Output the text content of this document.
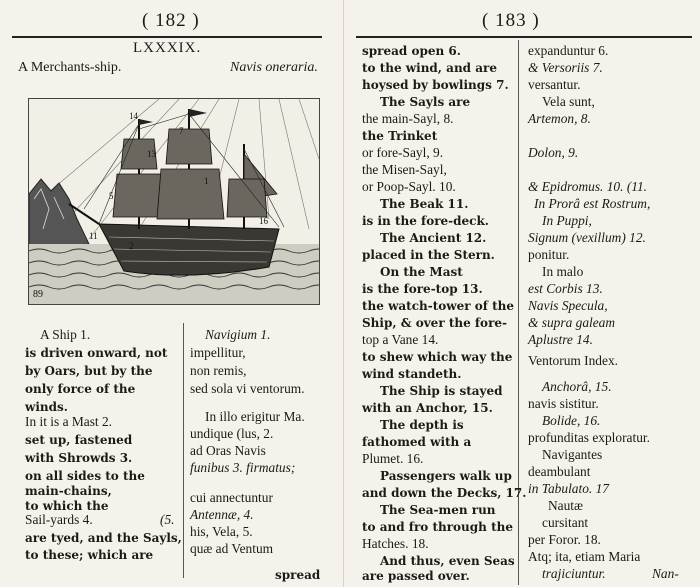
( 182 )
LXXXIX.
A Merchants-ship.	Navis oneraria.
14
7
13
5
1
11
16
2
89
A Ship 1.
is driven onward, not
by Oars, but by the
only force of the
winds.
In it is a Mast 2.
set up, fastened
with Shrowds 3.
on all sides to the
main-chains,
to which the
Sail-yards 4.
are tyed, and the Sayls,
to these; which are
(5.
Navigium 1.
impellitur,
non remis,
sed sola vi ventorum.
In illo erigitur Ma.
undique (lus, 2.
ad Oras Navis
funibus 3. firmatus;
cui annectuntur
Antennæ, 4.
his, Vela, 5.
quæ ad Ventum
spread
( 183 )
spread open 6.
to the wind, and are
hoysed by bowlings 7.
The Sayls are
the main-Sayl, 8.
the Trinket
or fore-Sayl, 9.
the Misen-Sayl,
or Poop-Sayl. 10.
The Beak 11.
is in the fore-deck.
The Ancient 12.
placed in the Stern.
On the Mast
is the fore-top 13.
the watch-tower of the
Ship, & over the fore-
top a Vane 14.
to shew which way the
wind standeth.
The Ship is stayed
with an Anchor, 15.
The depth is
fathomed with a
Plumet. 16.
Passengers walk up
and down the Decks, 17.
The Sea-men run
to and fro through the
Hatches. 18.
And thus, even Seas
are passed over.
expanduntur 6.
& Versoriis 7.
versantur.
Vela sunt,
Artemon, 8.
Dolon, 9.
& Epidromus. 10. (11.
In Prorâ est Rostrum,
In Puppi,
Signum (vexillum) 12.
ponitur.
In malo
est Corbis 13.
Navis Specula,
& supra galeam
Aplustre 14.
Ventorum Index.
Anchorâ, 15.
navis sistitur.
Bolide, 16.
profunditas exploratur.
Navigantes
deambulant
in Tabulato. 17
Nautæ
cursitant
per Foror. 18.
Atq; ita, etiam Maria
trajiciuntur.	Nan-
